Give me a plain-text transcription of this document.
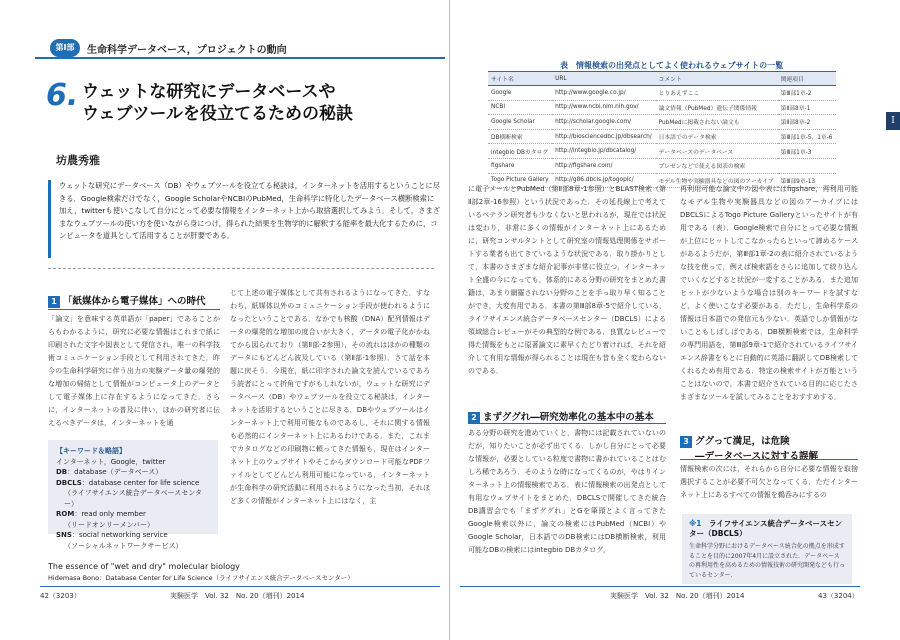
第Ⅰ部	生命科学データベース，プロジェクトの動向
6. ウェットな研究にデータベースや
ウェブツールを役立てるための秘訣
坊農秀雅
ウェットな研究にデータベース（DB）やウェブツールを役立てる秘訣は，インターネットを活用するということに尽きる．Google検索だけでなく，Google ScholarやNCBIのPubMed，生命科学に特化したデータベース横断検索に加え，twitterも使いこなして自分にとって必要な情報をインターネット上から取捨選択してみよう．そして，さまざまなウェブツールの使い方を使いながら身につけ，得られた結果を生物学的に解釈する能率を最大化するために，コンピュータを道具として活用することが肝要である．
1 「紙媒体から電子媒体」への時代
「論文」を意味する英単語が「paper」であることからもわかるように，研究に必要な情報はこれまで紙に印刷された文字や図表として発信され，唯一の科学技術コミュニケーション手段として利用されてきた．昨今の生命科学研究に伴う出力の実験データ量の爆発的な増加の帰結として情報がコンピュータ上のデータとして電子媒体上に存在するようになってきた．さらに，インターネットの普及に伴い，ほかの研究者に伝えるべきデータは，インターネットを通
じて上述の電子媒体として共有されるようになってきた．すなわち，紙媒体以外のコミュニケーション手段が使われるようになったということである．なかでも核酸（DNA）配列情報はデータの爆発的な増加の度合いが大きく，データの電子化がかねてから図られており（第Ⅱ部-2参照），その流れはほかの種類のデータにもどんどん波及している（第Ⅱ部-1参照）．さて話を本題に戻そう．今現在，紙に印字された論文を読んでいるであろう読者にとって折角ですがもしれないが，ウェットな研究にデータベース（DB）やウェブツールを役立てる秘訣は，インターネットを活用するということに尽きる．DBやウェブツールはインターネット上で利用可能なものであるし，それに関する情報も必然的にインターネット上にあるわけである．また，これまでカタログなどの印刷物に頼ってきた情報も，現在はインターネット上のウェブサイトやそこからダウンロード可能なPDFファイルとしてどんどん利用可能になっている．インターネットが生命科学の研究活動に利用されるようになった当初，それほど多くの情報がインターネット上にはなく，主
【キーワード＆略語】
インターネット，Google，twitter
DB：database（データベース）
DBCLS：database center for life science
（ライフサイエンス統合データベースセンター）
ROM：read only member
（リードオンリーメンバー）
SNS：social networking service
（ソーシャルネットワークサービス）
The essence of "wet and dry" molecular biology
Hidemasa Bono：Database Center for Life Science（ライフサイエンス統合データベースセンター）
42（3203）	実験医学　Vol. 32　No. 20（増刊）2014
表　 情報検索の出発点としてよく使われるウェブサイトの一覧
サイト名	URL	コメント	関連項目
Google	http://www.google.co.jp/	とりあえずここ	第Ⅲ部1章-2
NCBI	http://www.ncbi.nlm.nih.gov/	論文情報（PubMed）遺伝子関係情報	第Ⅱ部8章-1
Google Scholar	http://scholar.google.com/	PubMedに掲載されない論文も	第Ⅱ部8章-2
DB横断検索	http://biosciencedbc.jp/dbsearch/	日本語でのデータ検索	第Ⅲ部1章-5，1章-6
integbio DBカタログ	http://integbio.jp/dbcatalog/	データベースのデータベース	第Ⅲ部1章-3
figshare	http://figshare.com/	プレゼンなどで使える図表の検索	
Togo Picture Gallery	http://g86.dbcls.jp/togopic/	モデル生物や実験器具などの図のアーカイブ	第Ⅲ部9章-13
Ⅰ
に電子メールとPubMed（第Ⅱ部8章-1参照）とBLAST検索（第Ⅱ部2章-16参照）という状況であった．その延長線上で考えているベテラン研究者も少なくないと思われるが，現在では状況は変わり，非常に多くの情報がインターネット上にあるために，研究コンサルタントとして研究室の情報処理関係をサポートする業者も出てきているような状況である．取り掛かりとして，本書のさまざまな紹介記事が非常に役立つ，インターネット全盛の今になっても，体系的にある分野の研究をまとめた書籍は，あまり網羅されない分野のことを手っ取り早く知ることができ，大変有用である．本書の第Ⅲ部8章-5で紹介している，ライフサイエンス統合データベースセンター（DBCLS）による領域総合レビューがその典型的な例である．良質なレビューで得た情報をもとに原著論文に素早くたどり着ければ，それを紹介して有用な情報が得られることは現在も昔も全く変わらないのである．
2 まずググれ―研究効率化の基本中の基本
ある分野の研究を進めていくと，書物には記載されていないのだが，知りたいことが必ず出てくる．しかし自分にとって必要な情報が，必要としている粒度で書物に書かれていることはむしろ稀であろう．そのような時になってくるのが，やはりインターネット上の情報検索である．表に情報検索の出発点として有用なウェブサイトをまとめた．DBCLSで開催してきた統合DB講習会でも「まずググれ」とGを筆頭とよく言ってきたGoogle検索以外に，論文の検索にはPubMed（NCBI）やGoogle Scholar，日本語でのDB検索にはDB横断検索，利用可能なDBの検索にはintegbio DBカタログ，
再利用可能な論文中の図や表にはfigshare，再利用可能なモデル生物や実験器具などの図のアーカイブにはDBCLSによるTogo Picture Galleryといったサイトが有用である（表）．Google検索で自分にとって必要な情報が上位にヒットしてこなかったらといって諦めるケースがあるようだが，第Ⅲ部1章-2の表に紹介されているような技を使って，例えば検索語をさらに追加して絞り込んでいくなどすると状況が一変することがある．また追加ヒットが少ないような場合は別のキーワードを試すなど，よく使いこなす必要がある．ただし，生命科学系の情報は日本語での発信元も少ない．英語でしか情報がないこともしばしばである．DB横断検索では，生命科学の専門用語を，第Ⅲ部9章-1で紹介されているライフサイエンス辞書をもとに自動的に英語に翻訳してDB検索してくれるため有用である．特定の検索サイトが万能ということはないので，本書で紹介されている目的に応じたさまざまなツールを試してみることをおすすめする．
3 ググって満足，は危険
―データベースに対する誤解
情報検索の次には，それらから自分に必要な情報を取捨選択することが必要不可欠となってくる．ただインターネット上にあるすべての情報を鵜呑みにするの
※1　 ライフサイエンス統合データベースセンター（DBCLS）
生命科学分野におけるデータベース統合化の拠点を形成することを目的に2007年4月に設立された．データベースの再利用性を高めるための情報技術の研究開発なども行っているセンター．
実験医学　Vol. 32　No. 20（増刊）2014	43（3204）
